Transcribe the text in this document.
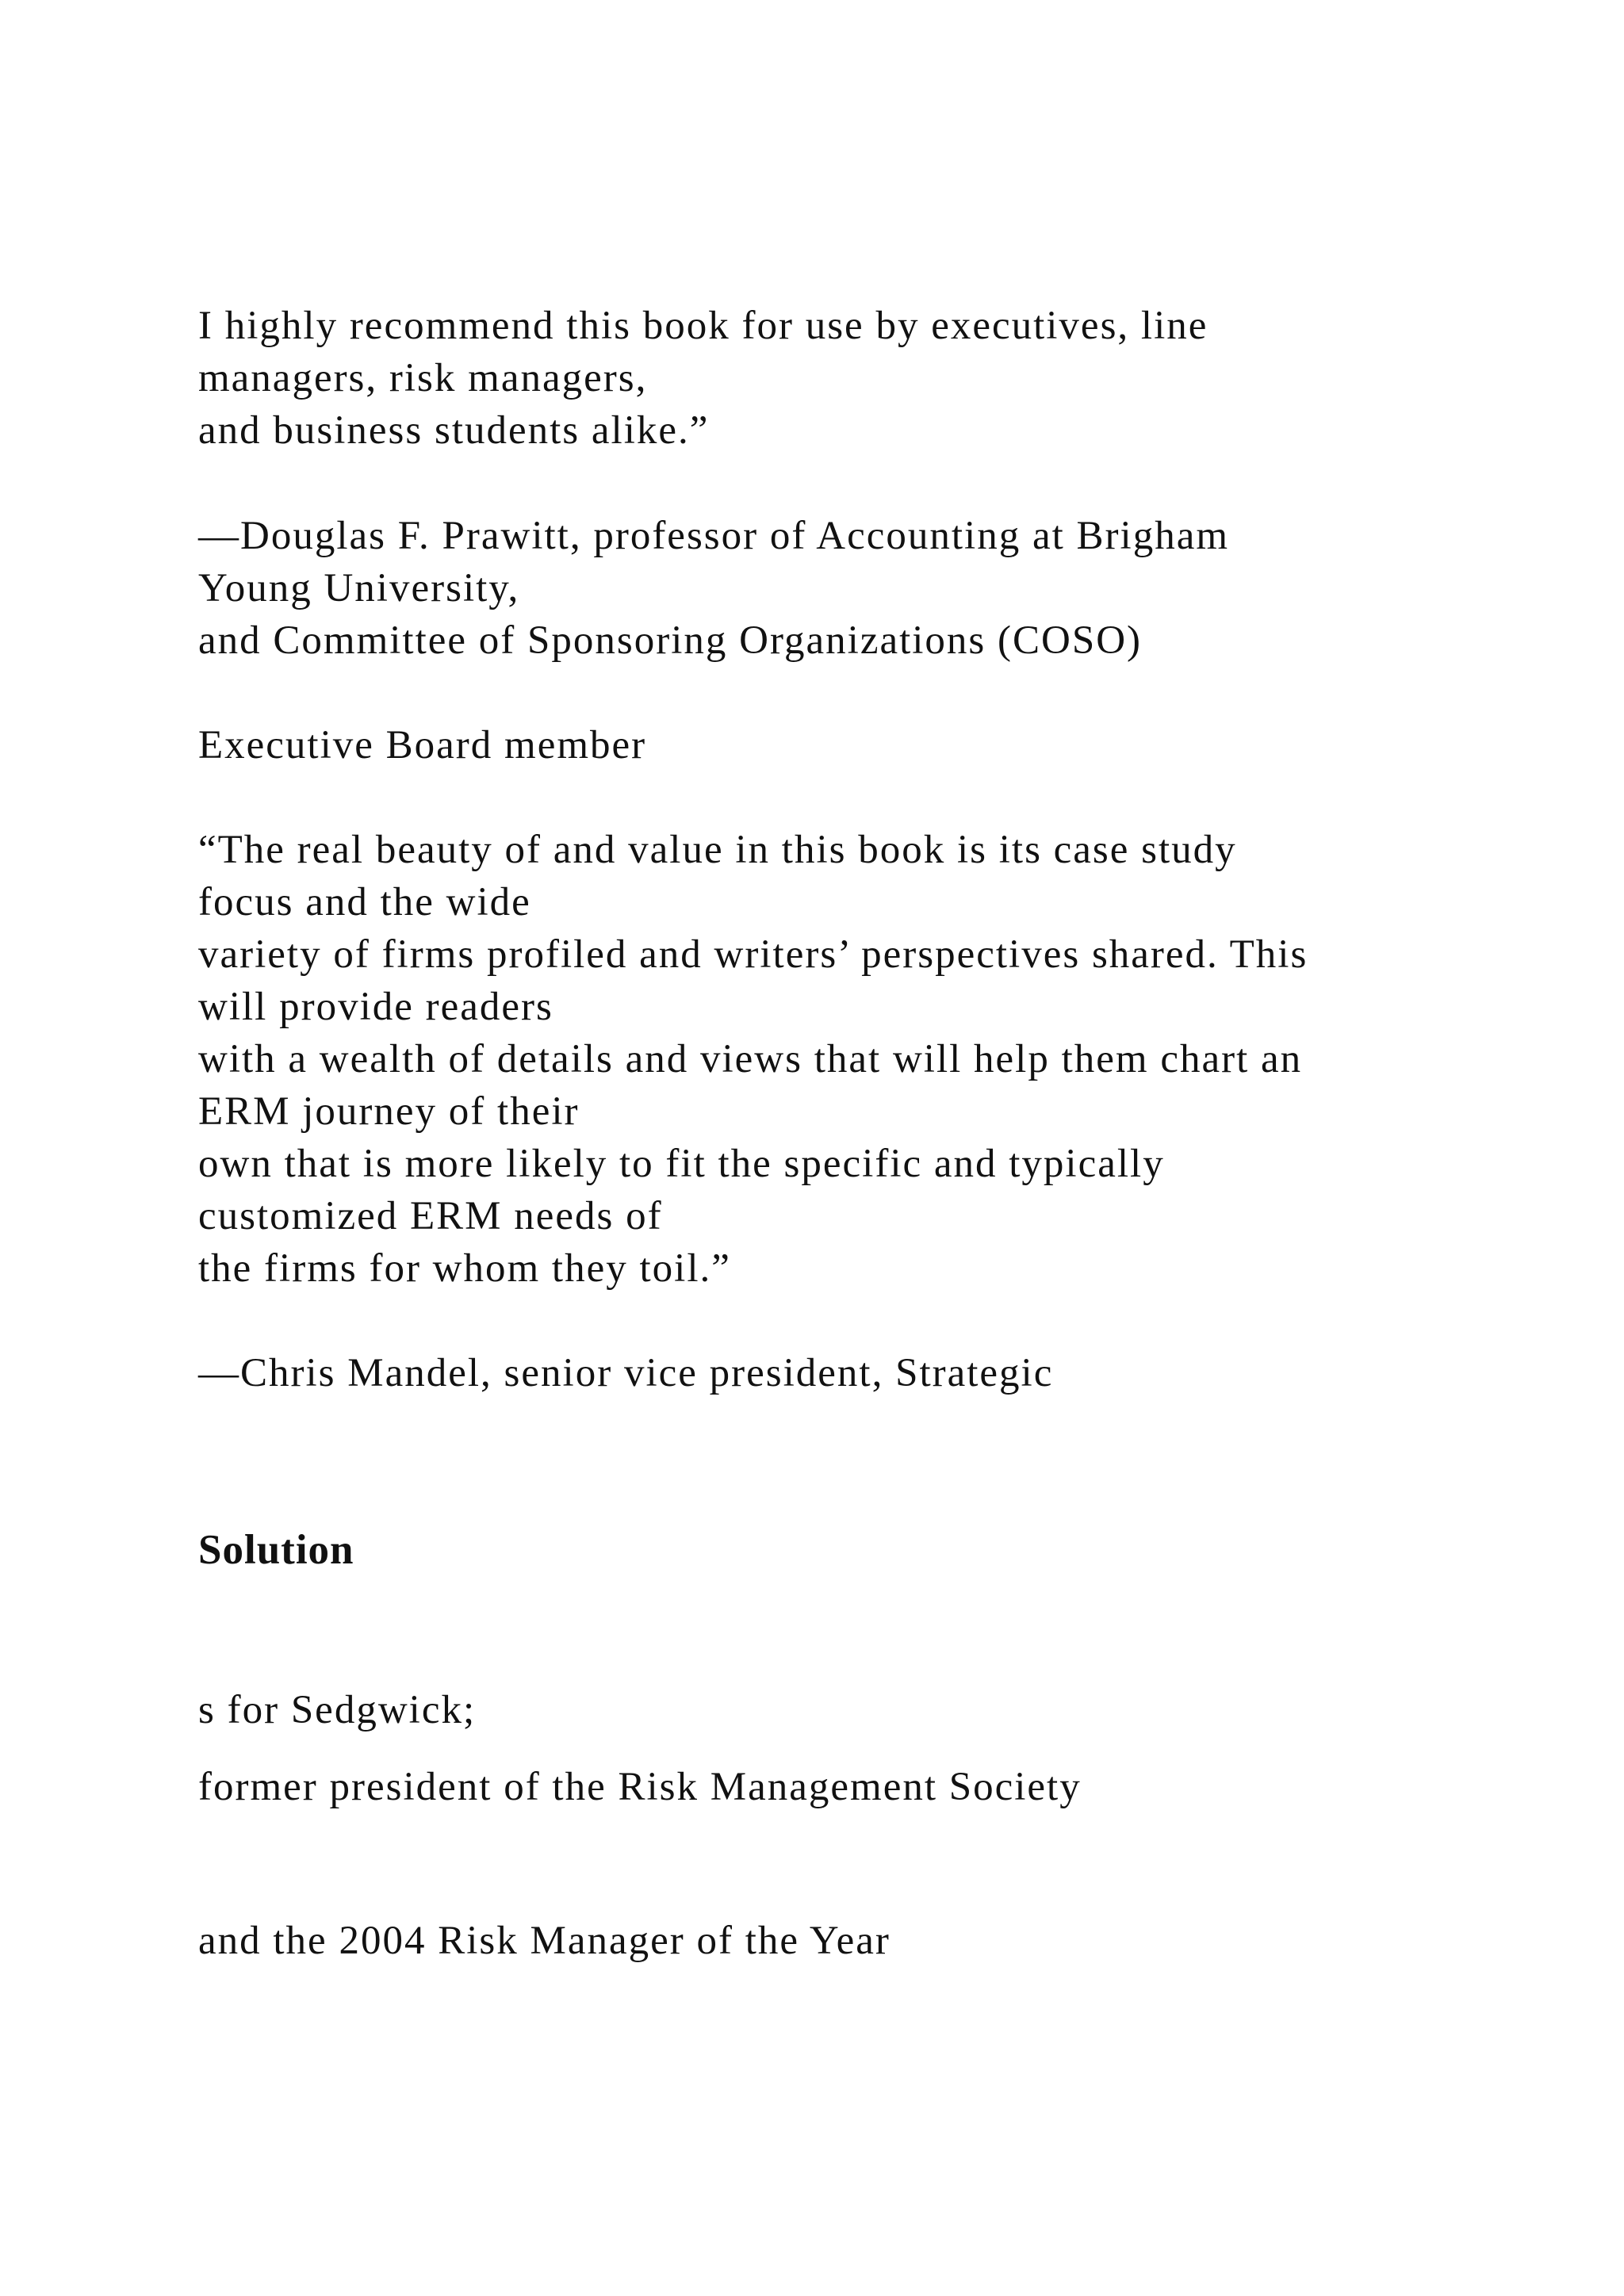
I highly recommend this book for use by executives, line
managers, risk managers,
and business students alike.”
—Douglas F. Prawitt, professor of Accounting at Brigham
Young University,
and Committee of Sponsoring Organizations (COSO)
Executive Board member
“The real beauty of and value in this book is its case study
focus and the wide
variety of firms profiled and writers’ perspectives shared. This
will provide readers
with a wealth of details and views that will help them chart an
ERM journey of their
own that is more likely to fit the specific and typically
customized ERM needs of
the firms for whom they toil.”
—Chris Mandel, senior vice president, Strategic
Solution
s for Sedgwick;
former president of the Risk Management Society
and the 2004 Risk Manager of the Year
